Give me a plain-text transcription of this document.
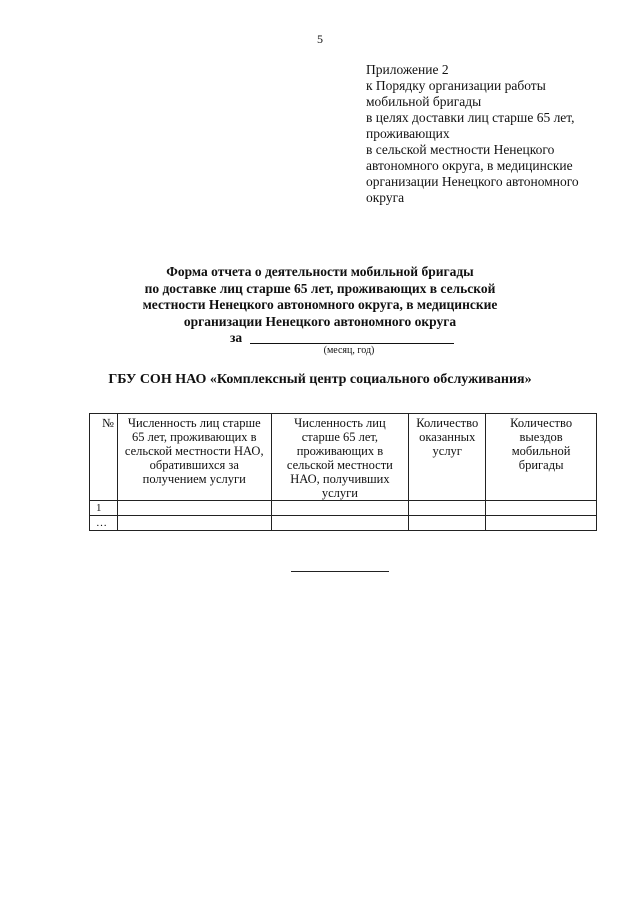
5
Приложение 2
к Порядку организации работы
мобильной бригады
в целях доставки лиц старше 65 лет,
проживающих
в сельской местности Ненецкого
автономного округа, в медицинские
организации Ненецкого автономного
округа
Форма отчета о деятельности мобильной бригады
по доставке лиц старше 65 лет, проживающих в сельской
местности Ненецкого автономного округа, в медицинские
организации Ненецкого автономного округа
за
(месяц, год)
ГБУ СОН НАО «Комплексный центр социального обслуживания»
№	Численность лиц старше 65 лет, проживающих в сельской местности НАО, обратившихся за получением услуги	Численность лиц старше 65 лет, проживающих в сельской местности НАО, получивших услуги	Количество оказанных услуг	Количество выездов мобильной бригады
1				
…				
